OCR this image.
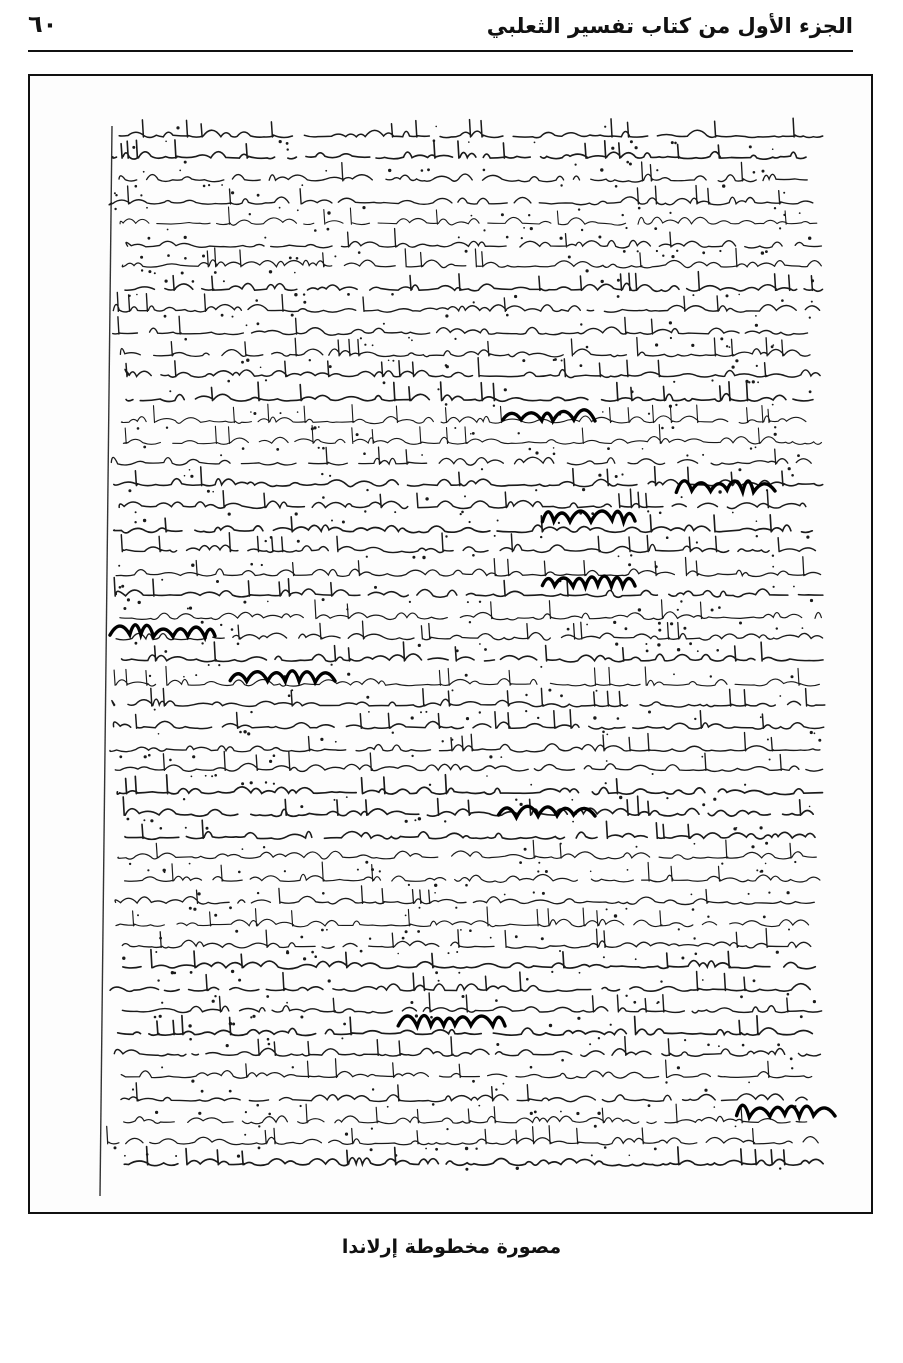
الجزء الأول من كتاب تفسير الثعلبي
٦٠
مصورة مخطوطة إرلاندا
